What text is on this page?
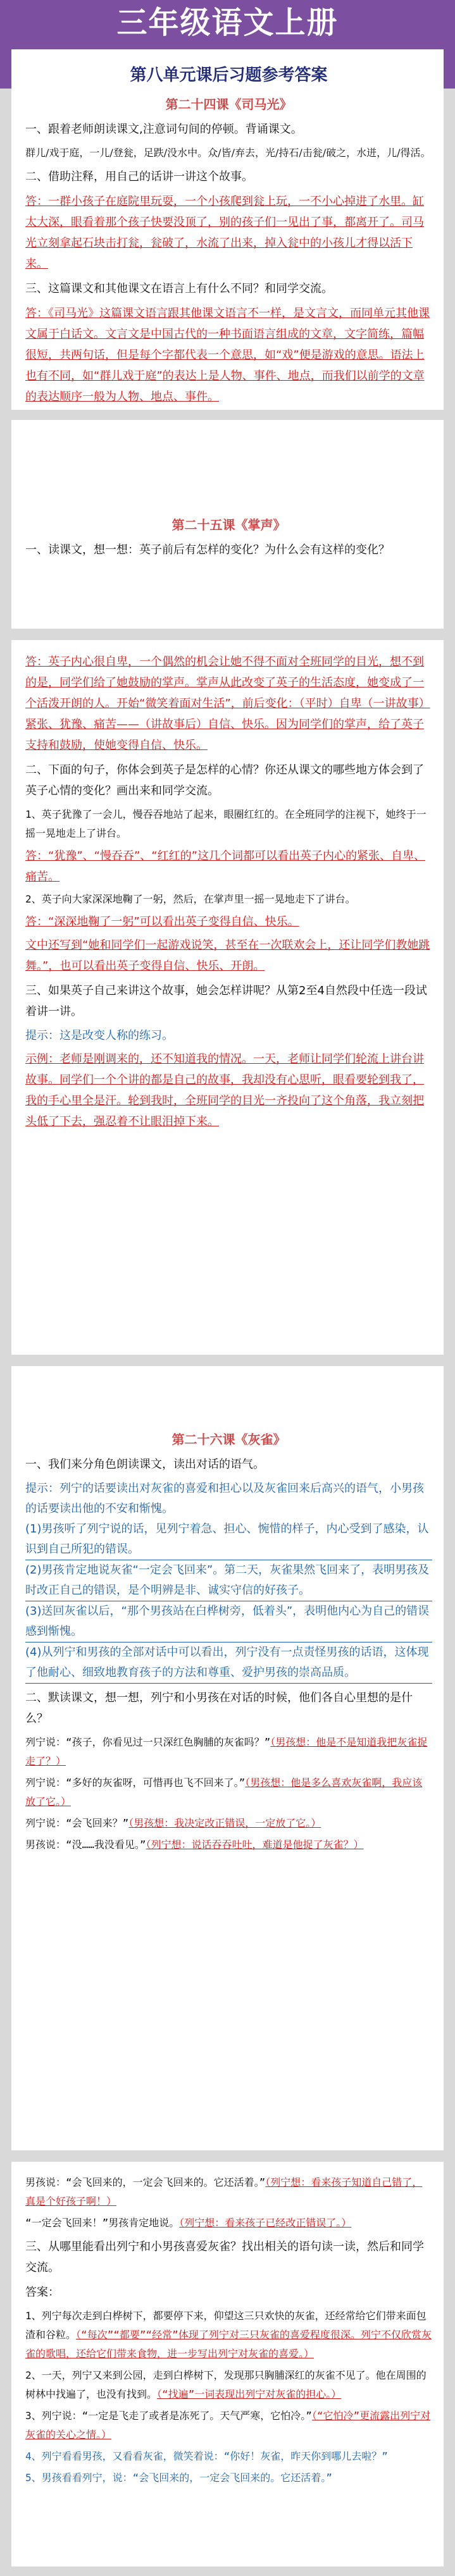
三年级语文上册
第八单元课后习题参考答案
第二十四课《司马光》
一、跟着老师朗读课文,注意词句间的停顿。背诵课文。
群儿/戏于庭，一儿/登瓮，足跌/没水中。众/皆/弃去，光/持石/击瓮/破之，水迸，儿/得活。
二、借助注释，用自己的话讲一讲这个故事。
答：一群小孩子在庭院里玩耍，一个小孩爬到瓮上玩，一不小心掉进了水里。缸太大深，眼看着那个孩子快要没顶了，别的孩子们一见出了事，都离开了。司马光立刻拿起石块击打瓮，瓮破了，水流了出来，掉入瓮中的小孩儿才得以活下来。
三、这篇课文和其他课文在语言上有什么不同？和同学交流。
答：《司马光》这篇课文语言跟其他课文语言不一样，是文言文，而同单元其他课文属于白话文。文言文是中国古代的一种书面语言组成的文章，文字简练，篇幅很短，共两句话，但是每个字都代表一个意思，如“戏”便是游戏的意思。语法上也有不同，如“群儿戏于庭”的表达上是人物、事件、地点，而我们以前学的文章的表达顺序一般为人物、地点、事件。
第二十五课《掌声》
一、读课文，想一想：英子前后有怎样的变化？为什么会有这样的变化？
答：英子内心很自卑，一个偶然的机会让她不得不面对全班同学的目光，想不到的是，同学们给了她鼓励的掌声。掌声从此改变了英子的生活态度，她变成了一个活泼开朗的人。开始“微笑着面对生活”，前后变化：（平时）自卑（一讲故事）紧张、犹豫、痛苦——（讲故事后）自信、快乐。因为同学们的掌声，给了英子支持和鼓励，使她变得自信、快乐。
二、下面的句子，你体会到英子是怎样的心情？你还从课文的哪些地方体会到了英子心情的变化？画出来和同学交流。
1、英子犹豫了一会儿，慢吞吞地站了起来，眼圈红红的。在全班同学的注视下，她终于一摇一晃地走上了讲台。
答：“犹豫”、“慢吞吞”、“红红的”这几个词都可以看出英子内心的紧张、自卑、痛苦。
2、英子向大家深深地鞠了一躬，然后，在掌声里一摇一晃地走下了讲台。
答：“深深地鞠了一躬”可以看出英子变得自信、快乐。
文中还写到“她和同学们一起游戏说笑，甚至在一次联欢会上，还让同学们教她跳舞。”，也可以看出英子变得自信、快乐、开朗。
三、如果英子自己来讲这个故事，她会怎样讲呢？从第2至4自然段中任选一段试着讲一讲。
提示：这是改变人称的练习。
示例：老师是刚调来的，还不知道我的情况。一天，老师让同学们轮流上讲台讲故事。同学们一个个讲的都是自己的故事，我却没有心思听，眼看要轮到我了，我的手心里全是汗。轮到我时，全班同学的目光一齐投向了这个角落，我立刻把头低了下去，强忍着不让眼泪掉下来。
第二十六课《灰雀》
一、我们来分角色朗读课文，读出对话的语气。
提示：列宁的话要读出对灰雀的喜爱和担心以及灰雀回来后高兴的语气，小男孩的话要读出他的不安和惭愧。
(1)男孩听了列宁说的话，见列宁着急、担心、惋惜的样子，内心受到了感染，认识到自己所犯的错误。
(2)男孩肯定地说灰雀“一定会飞回来”。第二天，灰雀果然飞回来了，表明男孩及时改正自己的错误，是个明辨是非、诚实守信的好孩子。
(3)送回灰雀以后，“那个男孩站在白桦树旁，低着头”，表明他内心为自己的错误感到惭愧。
(4)从列宁和男孩的全部对话中可以看出，列宁没有一点责怪男孩的话语，这体现了他耐心、细致地教育孩子的方法和尊重、爱护男孩的崇高品质。
二、默读课文，想一想，列宁和小男孩在对话的时候，他们各自心里想的是什么？
列宁说：“孩子，你看见过一只深红色胸脯的灰雀吗？”（男孩想：他是不是知道我把灰雀捉走了？）
列宁说：“多好的灰雀呀，可惜再也飞不回来了。”（男孩想：他是多么喜欢灰雀啊，我应该放了它。）
列宁说：“会飞回来？”（男孩想：我决定改正错误，一定放了它。）
男孩说：“没……我没看见。”（列宁想：说话吞吞吐吐，难道是他捉了灰雀？）
男孩说：“会飞回来的，一定会飞回来的。它还活着。”（列宁想：看来孩子知道自己错了，真是个好孩子啊！）
“一定会飞回来！”男孩肯定地说。（列宁想：看来孩子已经改正错误了。）
三、从哪里能看出列宁和小男孩喜爱灰雀？找出相关的语句读一读，然后和同学交流。
答案：
1、列宁每次走到白桦树下，都要停下来，仰望这三只欢快的灰雀，还经常给它们带来面包渣和谷粒。（“每次”“都要”“经常”体现了列宁对三只灰雀的喜爱程度很深。列宁不仅欣赏灰雀的歌唱，还给它们带来食物，进一步写出列宁对灰雀的喜爱。）
2、一天，列宁又来到公园，走到白桦树下，发现那只胸脯深红的灰雀不见了。他在周围的树林中找遍了，也没有找到。（“找遍”一词表现出列宁对灰雀的担心。）
3、列宁说：“一定是飞走了或者是冻死了。天气严寒，它怕冷。”（“它怕冷”更流露出列宁对灰雀的关心之情。）
4、列宁看看男孩，又看看灰雀，微笑着说：“你好！灰雀，昨天你到哪儿去啦？”
5、男孩看看列宁，说：“会飞回来的，一定会飞回来的。它还活着。”
